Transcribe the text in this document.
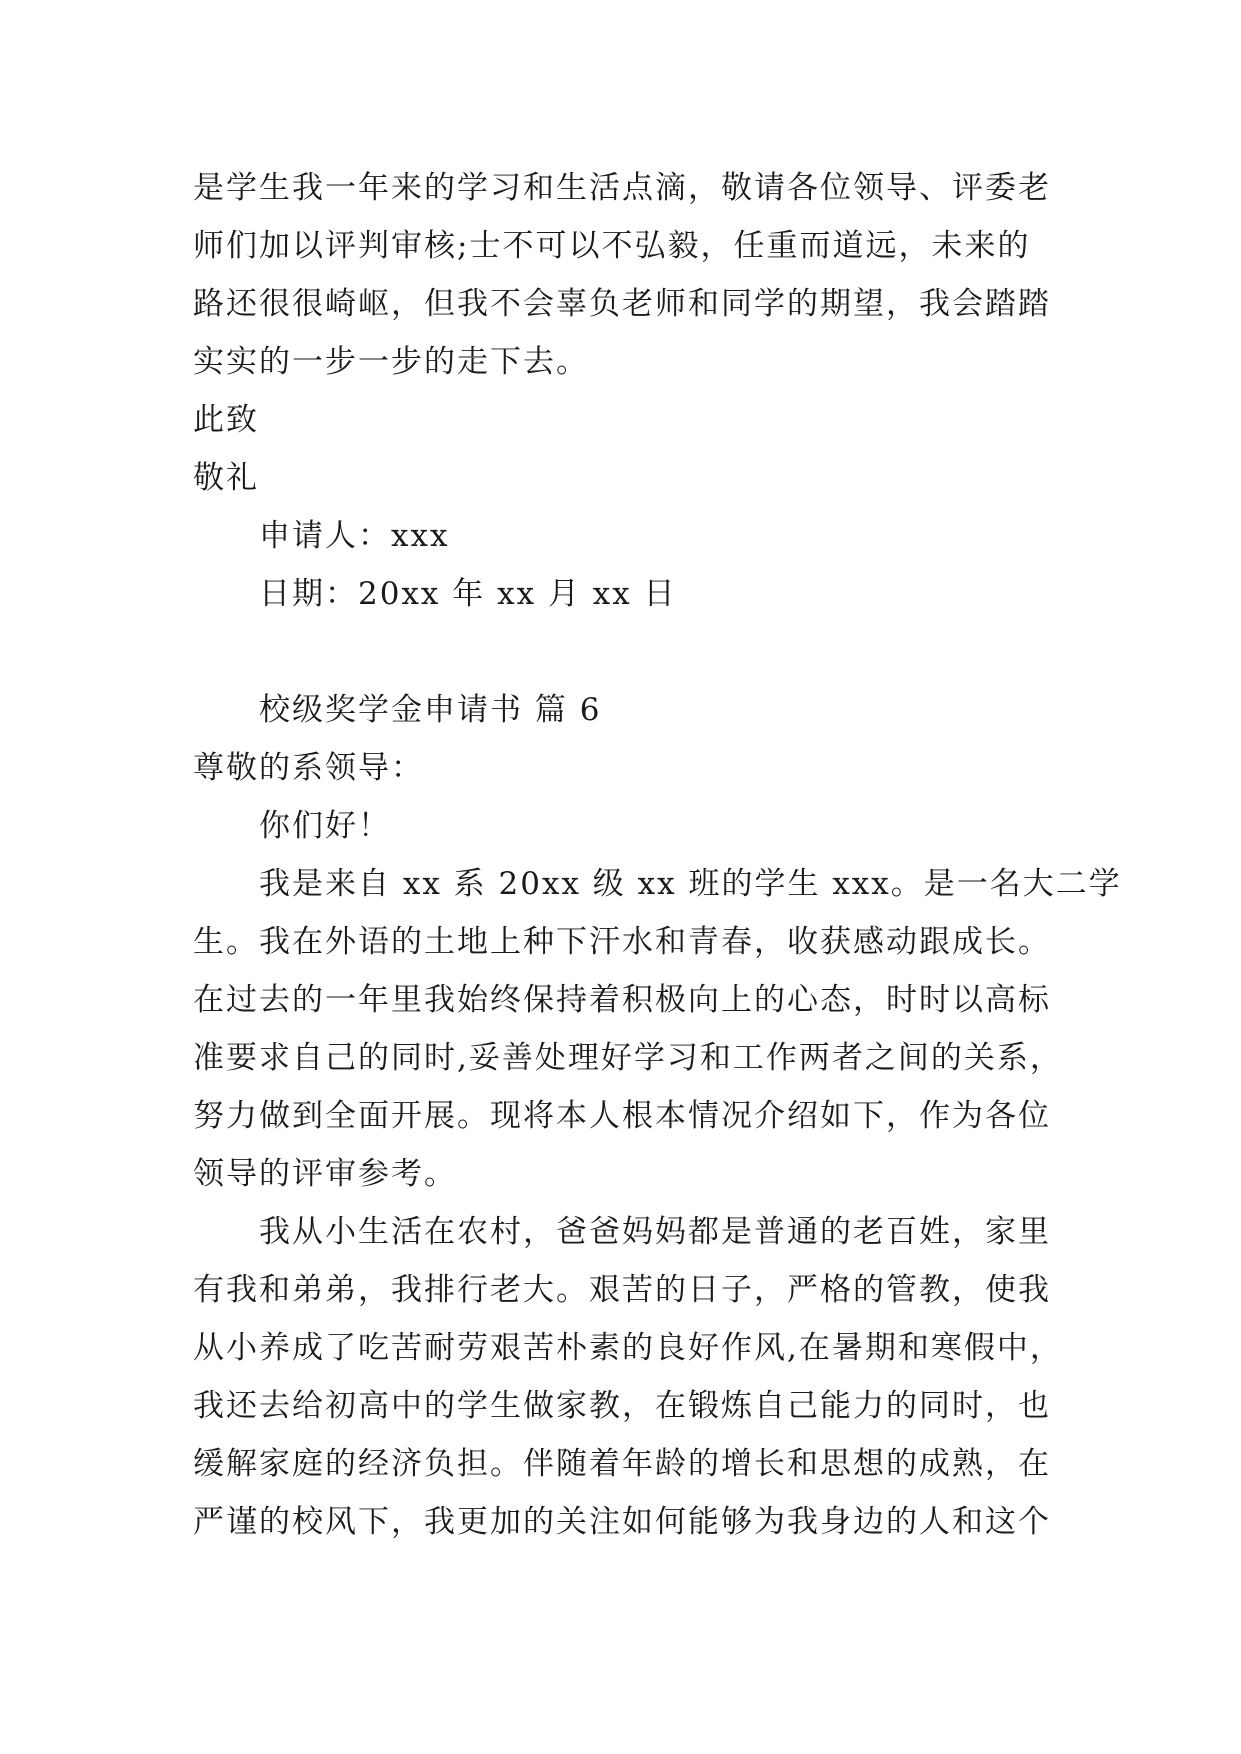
是学生我一年来的学习和生活点滴，敬请各位领导、评委老
师们加以评判审核;士不可以不弘毅，任重而道远，未来的
路还很很崎岖，但我不会辜负老师和同学的期望，我会踏踏
实实的一步一步的走下去。
此致
敬礼
申请人：xxx
日期：20xx 年 xx 月 xx 日
校级奖学金申请书 篇 6
尊敬的系领导：
你们好！
我是来自 xx 系 20xx 级 xx 班的学生 xxx。是一名大二学
生。我在外语的土地上种下汗水和青春，收获感动跟成长。
在过去的一年里我始终保持着积极向上的心态，时时以高标
准要求自己的同时,妥善处理好学习和工作两者之间的关系，
努力做到全面开展。现将本人根本情况介绍如下，作为各位
领导的评审参考。
我从小生活在农村，爸爸妈妈都是普通的老百姓，家里
有我和弟弟，我排行老大。艰苦的日子，严格的管教，使我
从小养成了吃苦耐劳艰苦朴素的良好作风,在暑期和寒假中，
我还去给初高中的学生做家教，在锻炼自己能力的同时，也
缓解家庭的经济负担。伴随着年龄的增长和思想的成熟，在
严谨的校风下，我更加的关注如何能够为我身边的人和这个
